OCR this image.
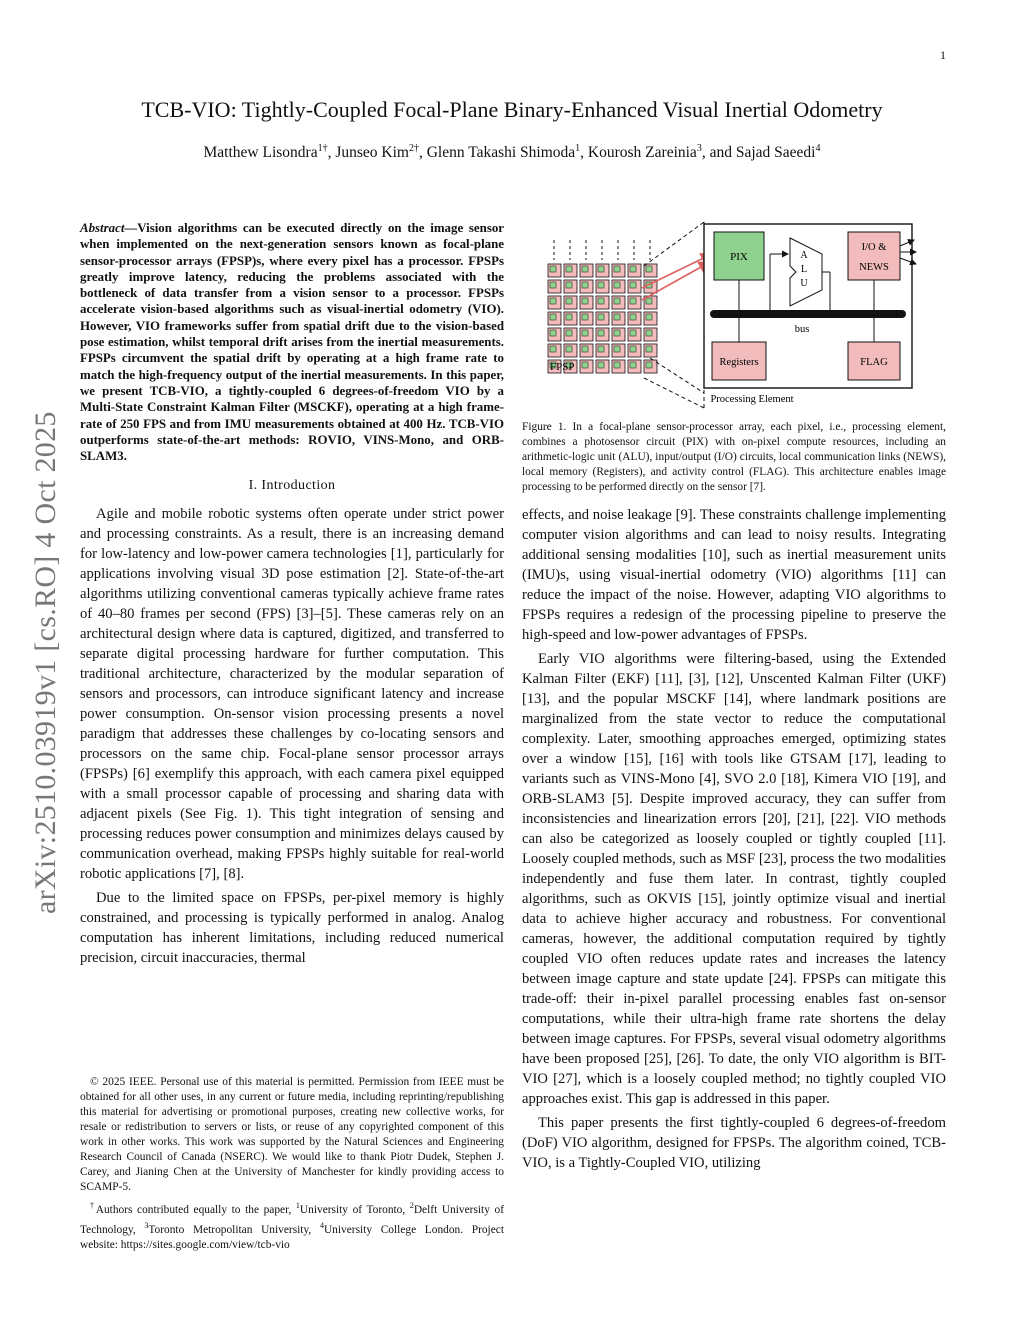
1
arXiv:2510.03919v1 [cs.RO] 4 Oct 2025
TCB-VIO: Tightly-Coupled Focal-Plane Binary-Enhanced Visual Inertial Odometry
Matthew Lisondra$^{1\dagger}$, Junseo Kim$^{2\dagger}$, Glenn Takashi Shimoda$^1$, Kourosh Zareinia$^3$, and Sajad Saeedi$^4$

Abstract—Vision algorithms can be executed directly on the image sensor when implemented on the next-generation sensors known as focal-plane sensor-processor arrays (FPSP)s, where every pixel has a processor. FPSPs greatly improve latency, reducing the problems associated with the bottleneck of data transfer from a vision sensor to a processor. FPSPs accelerate vision-based algorithms such as visual-inertial odometry (VIO). However, VIO frameworks suffer from spatial drift due to the vision-based pose estimation, whilst temporal drift arises from the inertial measurements. FPSPs circumvent the spatial drift by operating at a high frame rate to match the high-frequency output of the inertial measurements. In this paper, we present TCB-VIO, a tightly-coupled 6 degrees-of-freedom VIO by a Multi-State Constraint Kalman Filter (MSCKF), operating at a high frame-rate of 250 FPS and from IMU measurements obtained at 400 Hz. TCB-VIO outperforms state-of-the-art methods: ROVIO, VINS-Mono, and ORB-SLAM3.

I. Introduction

Agile and mobile robotic systems often operate under strict power and processing constraints. As a result, there is an increasing demand for low-latency and low-power camera technologies [1], particularly for applications involving visual 3D pose estimation [2]. State-of-the-art algorithms utilizing conventional cameras typically achieve frame rates of 40–80 frames per second (FPS) [3]–[5]. These cameras rely on an architectural design where data is captured, digitized, and transferred to separate digital processing hardware for further computation. This traditional architecture, characterized by the modular separation of sensors and processors, can introduce significant latency and increase power consumption. On-sensor vision processing presents a novel paradigm that addresses these challenges by co-locating sensors and processors on the same chip. Focal-plane sensor processor arrays (FPSPs) [6] exemplify this approach, with each camera pixel equipped with a small processor capable of processing and sharing data with adjacent pixels (See Fig. 1). This tight integration of sensing and processing reduces power consumption and minimizes delays caused by communication overhead, making FPSPs highly suitable for real-world robotic applications [7], [8].

Due to the limited space on FPSPs, per-pixel memory is highly constrained, and processing is typically performed in analog. Analog computation has inherent limitations, including reduced numerical precision, circuit inaccuracies, thermal

© 2025 IEEE. Personal use of this material is permitted. Permission from IEEE must be obtained for all other uses, in any current or future media, including reprinting/republishing this material for advertising or promotional purposes, creating new collective works, for resale or redistribution to servers or lists, or reuse of any copyrighted component of this work in other works. This work was supported by the Natural Sciences and Engineering Research Council of Canada (NSERC). We would like to thank Piotr Dudek, Stephen J. Carey, and Jianing Chen at the University of Manchester for kindly providing access to SCAMP-5.

†Authors contributed equally to the paper, $^1$University of Toronto, $^2$Delft University of Technology, $^3$Toronto Metropolitan University, $^4$University College London. Project website: https://sites.google.com/view/tcb-vio

FPSP
PIX	A
L
U
I/O &
NEWS
bus
Registers	FLAG
Processing Element
Figure 1. In a focal-plane sensor-processor array, each pixel, i.e., processing element, combines a photosensor circuit (PIX) with on-pixel compute resources, including an arithmetic-logic unit (ALU), input/output (I/O) circuits, local communication links (NEWS), local memory (Registers), and activity control (FLAG). This architecture enables image processing to be performed directly on the sensor [7].

effects, and noise leakage [9]. These constraints challenge implementing computer vision algorithms and can lead to noisy results. Integrating additional sensing modalities [10], such as inertial measurement units (IMU)s, using visual-inertial odometry (VIO) algorithms [11] can reduce the impact of the noise. However, adapting VIO algorithms to FPSPs requires a redesign of the processing pipeline to preserve the high-speed and low-power advantages of FPSPs.

Early VIO algorithms were filtering-based, using the Extended Kalman Filter (EKF) [11], [3], [12], Unscented Kalman Filter (UKF) [13], and the popular MSCKF [14], where landmark positions are marginalized from the state vector to reduce the computational complexity. Later, smoothing approaches emerged, optimizing states over a window [15], [16] with tools like GTSAM [17], leading to variants such as VINS-Mono [4], SVO 2.0 [18], Kimera VIO [19], and ORB-SLAM3 [5]. Despite improved accuracy, they can suffer from inconsistencies and linearization errors [20], [21], [22]. VIO methods can also be categorized as loosely coupled or tightly coupled [11]. Loosely coupled methods, such as MSF [23], process the two modalities independently and fuse them later. In contrast, tightly coupled algorithms, such as OKVIS [15], jointly optimize visual and inertial data to achieve higher accuracy and robustness. For conventional cameras, however, the additional computation required by tightly coupled VIO often reduces update rates and increases the latency between image capture and state update [24]. FPSPs can mitigate this trade-off: their in-pixel parallel processing enables fast on-sensor computations, while their ultra-high frame rate shortens the delay between image captures. For FPSPs, several visual odometry algorithms have been proposed [25], [26]. To date, the only VIO algorithm is BIT-VIO [27], which is a loosely coupled method; no tightly coupled VIO approaches exist. This gap is addressed in this paper.

This paper presents the first tightly-coupled 6 degrees-of-freedom (DoF) VIO algorithm, designed for FPSPs. The algorithm coined, TCB-VIO, is a Tightly-Coupled VIO, utilizing
